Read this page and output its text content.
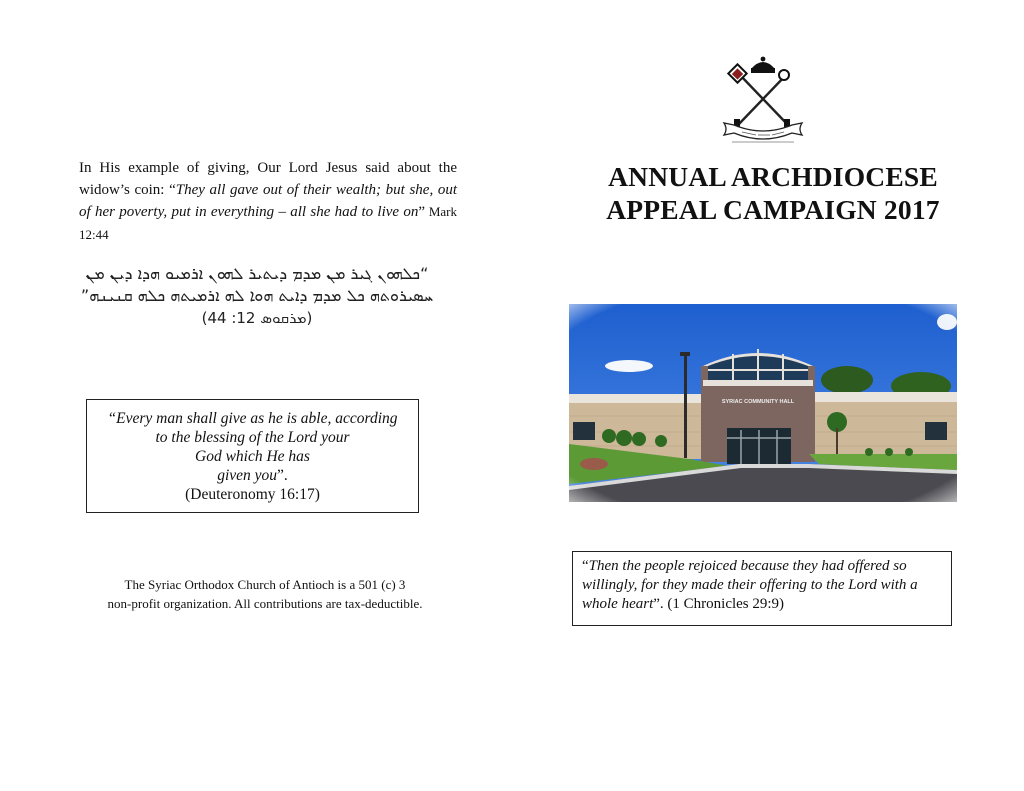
In His example of giving, Our Lord Jesus said about the widow’s coin: “They all gave out of their wealth; but she, out of her poverty, put in everything – all she had to live on” Mark 12:44
“ܟܠܗܘܢ ܓܝܪ ܡܢ ܡܕܡ ܕܝܬܝܪ ܠܗܘܢ ܐܪܡܝܘ ܗܕܐ ܕܝܢ ܡܢ
ܚܣܝܪܘܬܗ ܟܠ ܡܕܡ ܕܐܝܬ ܗܘܐ ܠܗ ܐܪܡܝܬܗ ܟܠܗ ܩܢܝܢܗ”
(ܡܪܩܘܣ 12: 44)
“Every man shall give as he is able, according
to the blessing of the Lord your
God which He has
given you”.
(Deuteronomy 16:17)
The Syriac Orthodox Church of Antioch is a 501 (c) 3
non-profit organization. All contributions are tax-deductible.
ANNUAL ARCHDIOCESE
APPEAL CAMPAIGN 2017
“Then the people rejoiced because they had offered so willingly, for they made their offering to the Lord with a whole heart”. (1 Chronicles 29:9)
